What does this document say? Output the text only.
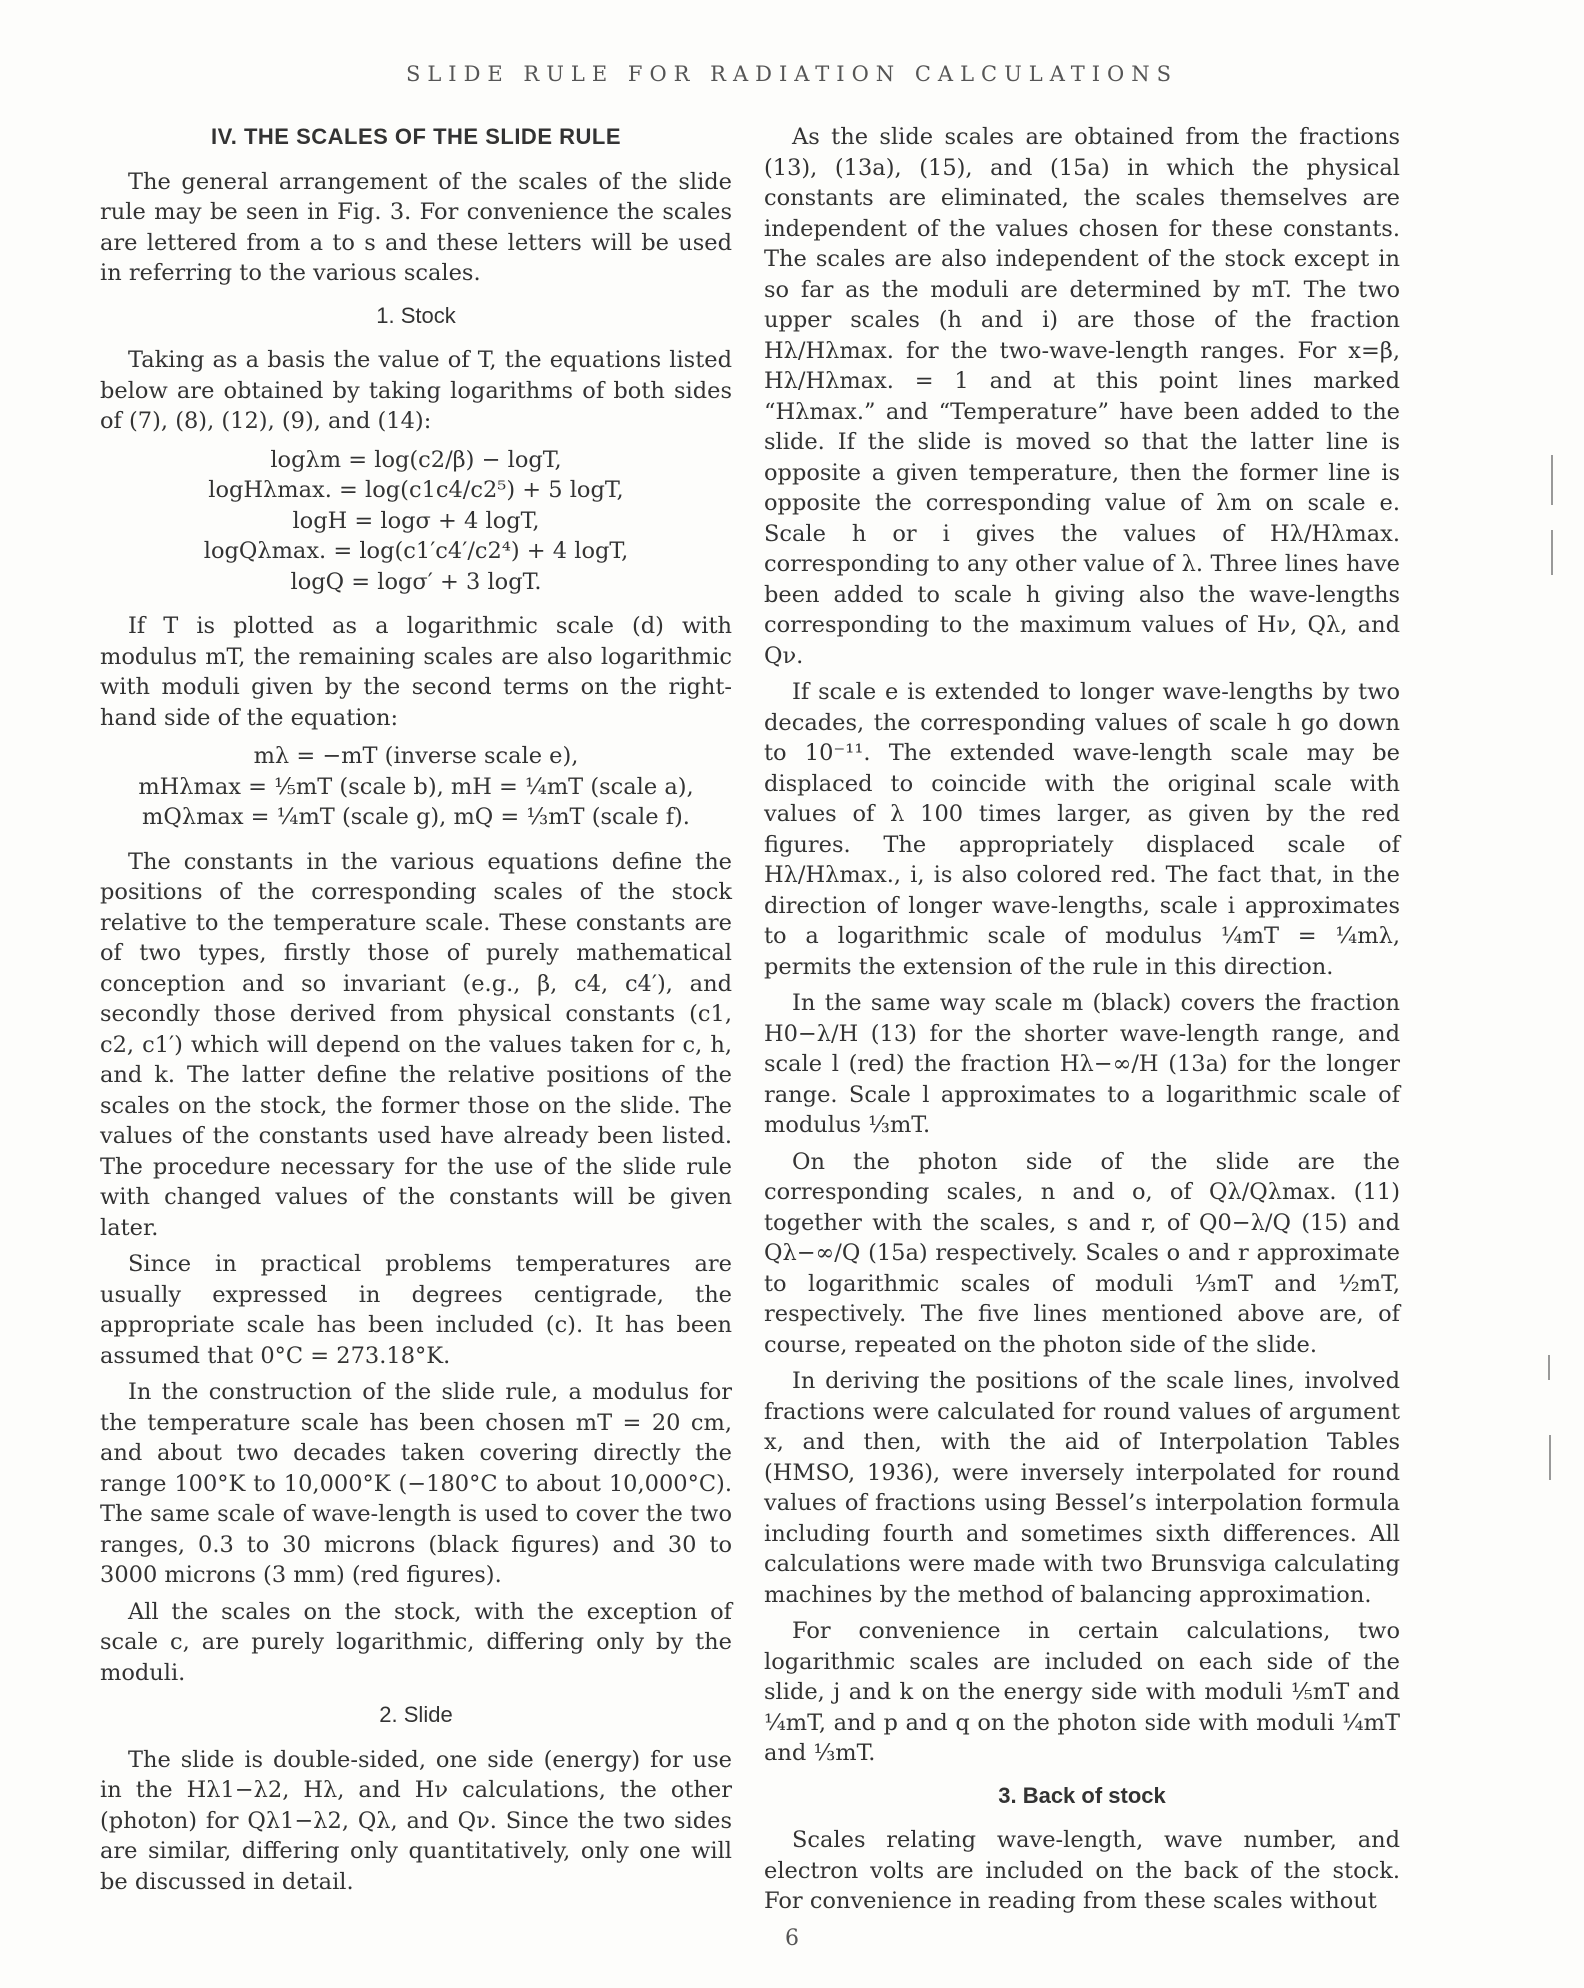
SLIDE RULE FOR RADIATION CALCULATIONS
IV. THE SCALES OF THE SLIDE RULE

The general arrangement of the scales of the slide rule may be seen in Fig. 3. For convenience the scales are lettered from a to s and these letters will be used in referring to the various scales.

1. Stock

Taking as a basis the value of T, the equations listed below are obtained by taking logarithms of both sides of (7), (8), (12), (9), and (14):

logλm = log(c2/β) − logT,
logHλmax. = log(c1c4/c2⁵) + 5 logT,
logH = logσ + 4 logT,
logQλmax. = log(c1′c4′/c2⁴) + 4 logT,
logQ = logσ′ + 3 logT.

If T is plotted as a logarithmic scale (d) with modulus mT, the remaining scales are also logarithmic with moduli given by the second terms on the right-hand side of the equation:

mλ = −mT (inverse scale e),
mHλmax = ⅕mT (scale b), mH = ¼mT (scale a),
mQλmax = ¼mT (scale g), mQ = ⅓mT (scale f).

The constants in the various equations define the positions of the corresponding scales of the stock relative to the temperature scale. These constants are of two types, firstly those of purely mathematical conception and so invariant (e.g., β, c4, c4′), and secondly those derived from physical constants (c1, c2, c1′) which will depend on the values taken for c, h, and k. The latter define the relative positions of the scales on the stock, the former those on the slide. The values of the constants used have already been listed. The procedure necessary for the use of the slide rule with changed values of the constants will be given later.

Since in practical problems temperatures are usually expressed in degrees centigrade, the appropriate scale has been included (c). It has been assumed that 0°C = 273.18°K.

In the construction of the slide rule, a modulus for the temperature scale has been chosen mT = 20 cm, and about two decades taken covering directly the range 100°K to 10,000°K (−180°C to about 10,000°C). The same scale of wave-length is used to cover the two ranges, 0.3 to 30 microns (black figures) and 30 to 3000 microns (3 mm) (red figures).

All the scales on the stock, with the exception of scale c, are purely logarithmic, differing only by the moduli.

2. Slide

The slide is double-sided, one side (energy) for use in the Hλ1−λ2, Hλ, and Hν calculations, the other (photon) for Qλ1−λ2, Qλ, and Qν. Since the two sides are similar, differing only quantitatively, only one will be discussed in detail.

As the slide scales are obtained from the fractions (13), (13a), (15), and (15a) in which the physical constants are eliminated, the scales themselves are independent of the values chosen for these constants. The scales are also independent of the stock except in so far as the moduli are determined by mT. The two upper scales (h and i) are those of the fraction Hλ/Hλmax. for the two-wave-length ranges. For x=β, Hλ/Hλmax. = 1 and at this point lines marked “Hλmax.” and “Temperature” have been added to the slide. If the slide is moved so that the latter line is opposite a given temperature, then the former line is opposite the corresponding value of λm on scale e. Scale h or i gives the values of Hλ/Hλmax. corresponding to any other value of λ. Three lines have been added to scale h giving also the wave-lengths corresponding to the maximum values of Hν, Qλ, and Qν.

If scale e is extended to longer wave-lengths by two decades, the corresponding values of scale h go down to 10⁻¹¹. The extended wave-length scale may be displaced to coincide with the original scale with values of λ 100 times larger, as given by the red figures. The appropriately displaced scale of Hλ/Hλmax., i, is also colored red. The fact that, in the direction of longer wave-lengths, scale i approximates to a logarithmic scale of modulus ¼mT = ¼mλ, permits the extension of the rule in this direction.

In the same way scale m (black) covers the fraction H0−λ/H (13) for the shorter wave-length range, and scale l (red) the fraction Hλ−∞/H (13a) for the longer range. Scale l approximates to a logarithmic scale of modulus ⅓mT.

On the photon side of the slide are the corresponding scales, n and o, of Qλ/Qλmax. (11) together with the scales, s and r, of Q0−λ/Q (15) and Qλ−∞/Q (15a) respectively. Scales o and r approximate to logarithmic scales of moduli ⅓mT and ½mT, respectively. The five lines mentioned above are, of course, repeated on the photon side of the slide.

In deriving the positions of the scale lines, involved fractions were calculated for round values of argument x, and then, with the aid of Interpolation Tables (HMSO, 1936), were inversely interpolated for round values of fractions using Bessel’s interpolation formula including fourth and sometimes sixth differences. All calculations were made with two Brunsviga calculating machines by the method of balancing approximation.

For convenience in certain calculations, two logarithmic scales are included on each side of the slide, j and k on the energy side with moduli ⅕mT and ¼mT, and p and q on the photon side with moduli ¼mT and ⅓mT.

3. Back of stock

Scales relating wave-length, wave number, and electron volts are included on the back of the stock. For convenience in reading from these scales without

6
